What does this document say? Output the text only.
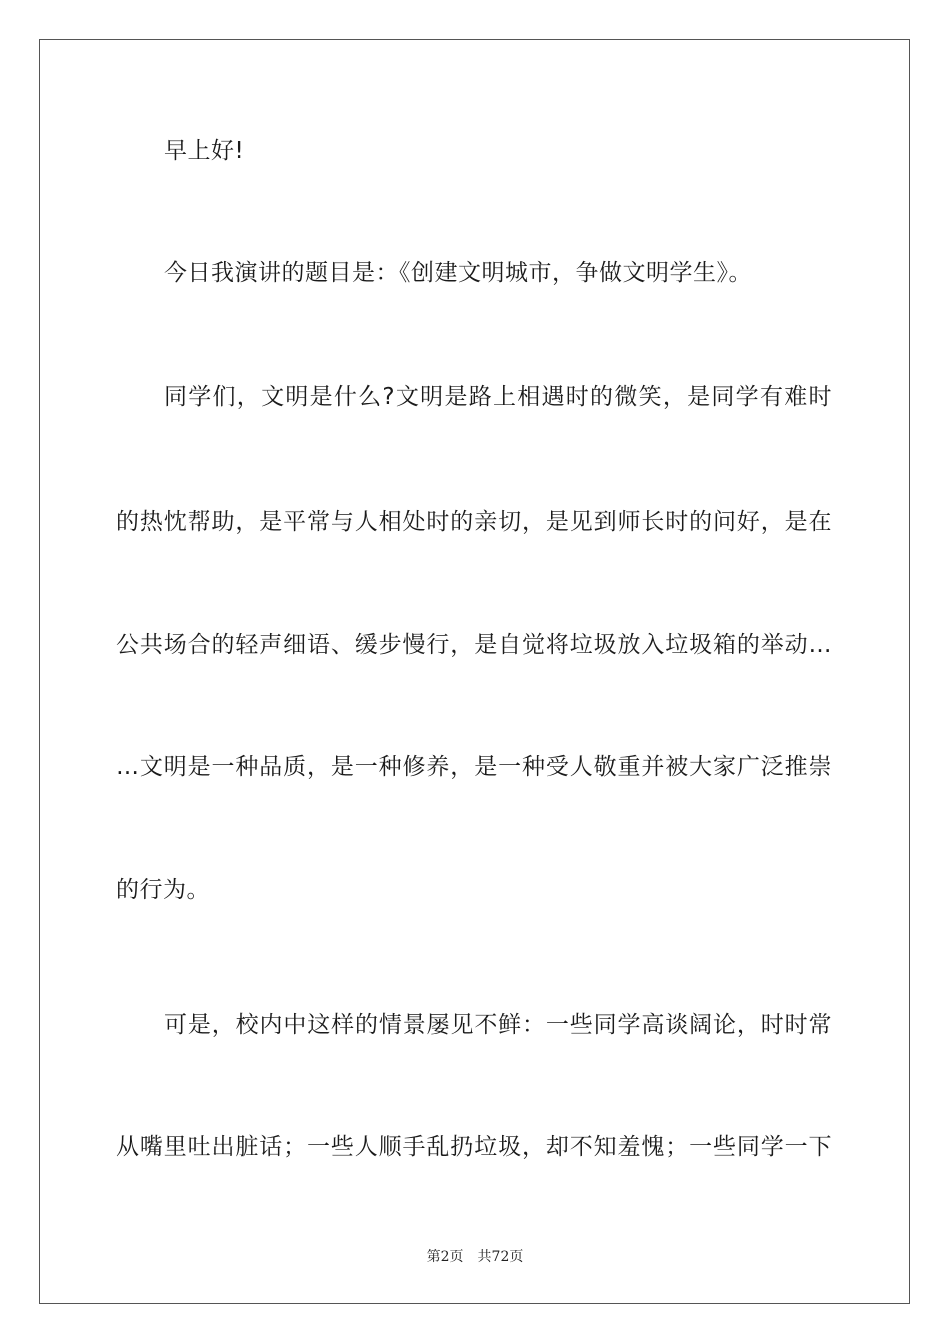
早上好!
今日我演讲的题目是：《创建文明城市，争做文明学生》。
同学们，文明是什么?文明是路上相遇时的微笑，是同学有难时
的热忱帮助，是平常与人相处时的亲切，是见到师长时的问好，是在
公共场合的轻声细语、缓步慢行，是自觉将垃圾放入垃圾箱的举动…
…文明是一种品质，是一种修养，是一种受人敬重并被大家广泛推崇
的行为。
可是，校内中这样的情景屡见不鲜：一些同学高谈阔论，时时常
从嘴里吐出脏话；一些人顺手乱扔垃圾，却不知羞愧；一些同学一下
第2页　共72页
